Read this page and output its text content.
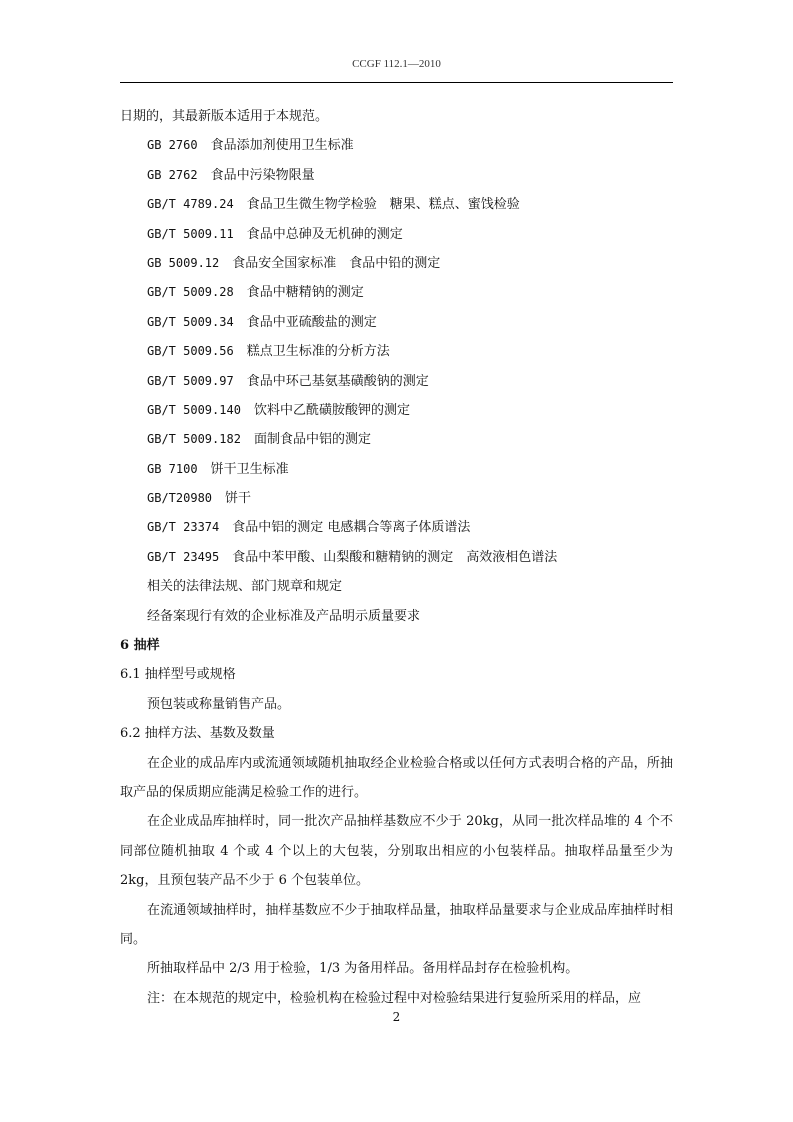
CCGF 112.1—2010
日期的，其最新版本适用于本规范。
GB 2760　 食品添加剂使用卫生标准
GB 2762　 食品中污染物限量
GB/T 4789.24　 食品卫生微生物学检验　糖果、糕点、蜜饯检验
GB/T 5009.11　 食品中总砷及无机砷的测定
GB 5009.12　 食品安全国家标准　食品中铅的测定
GB/T 5009.28　 食品中糖精钠的测定
GB/T 5009.34　 食品中亚硫酸盐的测定
GB/T 5009.56　 糕点卫生标准的分析方法
GB/T 5009.97　 食品中环己基氨基磺酸钠的测定
GB/T 5009.140　 饮料中乙酰磺胺酸钾的测定
GB/T 5009.182　 面制食品中铝的测定
GB 7100　 饼干卫生标准
GB/T20980　 饼干
GB/T 23374　 食品中铝的测定 电感耦合等离子体质谱法
GB/T 23495　 食品中苯甲酸、山梨酸和糖精钠的测定　高效液相色谱法
相关的法律法规、部门规章和规定
经备案现行有效的企业标准及产品明示质量要求
6 抽样
6.1 抽样型号或规格
预包装或称量销售产品。
6.2 抽样方法、基数及数量
在企业的成品库内或流通领域随机抽取经企业检验合格或以任何方式表明合格的产品，所抽取产品的保质期应能满足检验工作的进行。
在企业成品库抽样时，同一批次产品抽样基数应不少于 20kg，从同一批次样品堆的 4 个不同部位随机抽取 4 个或 4 个以上的大包装，分别取出相应的小包装样品。抽取样品量至少为 2kg，且预包装产品不少于 6 个包装单位。
在流通领域抽样时，抽样基数应不少于抽取样品量，抽取样品量要求与企业成品库抽样时相同。
所抽取样品中 2/3 用于检验，1/3 为备用样品。备用样品封存在检验机构。
注：在本规范的规定中，检验机构在检验过程中对检验结果进行复验所采用的样品，应
2
